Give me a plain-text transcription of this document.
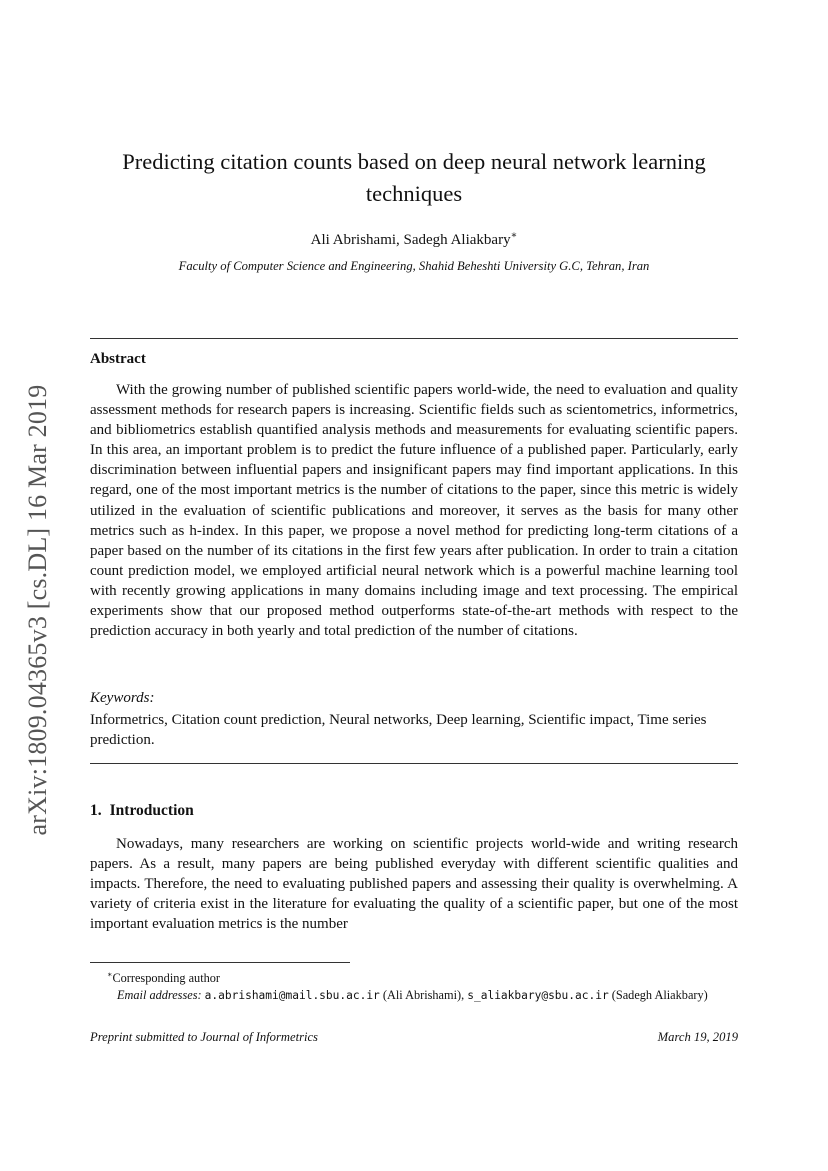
arXiv:1809.04365v3 [cs.DL] 16 Mar 2019
Predicting citation counts based on deep neural network learning techniques
Ali Abrishami, Sadegh Aliakbary∗
Faculty of Computer Science and Engineering, Shahid Beheshti University G.C, Tehran, Iran
Abstract

With the growing number of published scientific papers world-wide, the need to evaluation and quality assessment methods for research papers is increasing. Scientific fields such as scientometrics, informetrics, and bibliometrics establish quantified analysis methods and measurements for evaluating scientific papers. In this area, an important problem is to predict the future influence of a published paper. Particularly, early discrimination between influential papers and insignificant papers may find important applications. In this regard, one of the most important metrics is the number of citations to the paper, since this metric is widely utilized in the evaluation of scientific publications and moreover, it serves as the basis for many other metrics such as h-index. In this paper, we propose a novel method for predicting long-term citations of a paper based on the number of its citations in the first few years after publication. In order to train a citation count prediction model, we employed artificial neural network which is a powerful machine learning tool with recently growing applications in many domains including image and text processing. The empirical experiments show that our proposed method outperforms state-of-the-art methods with respect to the prediction accuracy in both yearly and total prediction of the number of citations.

Keywords:

Informetrics, Citation count prediction, Neural networks, Deep learning, Scientific impact, Time series prediction.

1. Introduction

Nowadays, many researchers are working on scientific projects world-wide and writing research papers. As a result, many papers are being published everyday with different scientific qualities and impacts. Therefore, the need to evaluating published papers and assessing their quality is overwhelming. A variety of criteria exist in the literature for evaluating the quality of a scientific paper, but one of the most important evaluation metrics is the number

∗Corresponding author
Email addresses: a.abrishami@mail.sbu.ac.ir (Ali Abrishami), s_aliakbary@sbu.ac.ir (Sadegh Aliakbary)
Preprint submitted to Journal of Informetrics	March 19, 2019
